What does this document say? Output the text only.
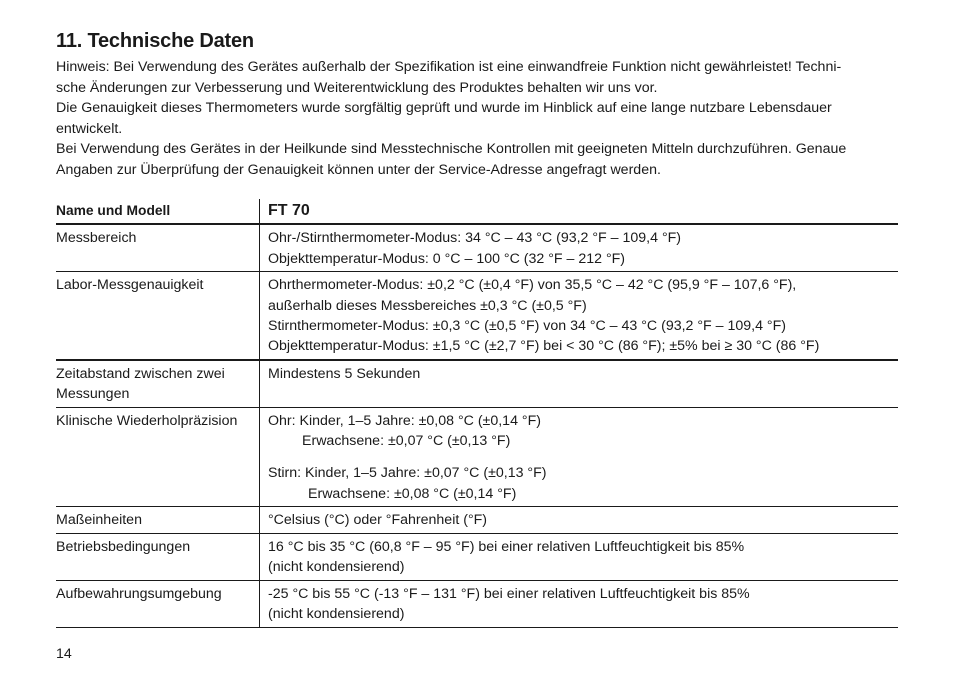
11. Technische Daten

Hinweis: Bei Verwendung des Gerätes außerhalb der Spezifikation ist eine einwandfreie Funktion nicht gewährleistet! Techni-

sche Änderungen zur Verbesserung und Weiterentwicklung des Produktes behalten wir uns vor.

Die Genauigkeit dieses Thermometers wurde sorgfältig geprüft und wurde im Hinblick auf eine lange nutzbare Lebensdauer

entwickelt.

Bei Verwendung des Gerätes in der Heilkunde sind Messtechnische Kontrollen mit geeigneten Mitteln durchzuführen. Genaue

Angaben zur Überprüfung der Genauigkeit können unter der Service-Adresse angefragt werden.

Name und Modell	FT 70

Messbereich	Ohr-/Stirnthermometer-Modus: 34 °C – 43 °C (93,2 °F – 109,4 °F)
Objekttemperatur-Modus: 0 °C – 100 °C (32 °F – 212 °F)

Labor-Messgenauigkeit	Ohrthermometer-Modus: ±0,2 °C (±0,4 °F) von 35,5 °C – 42 °C (95,9 °F – 107,6 °F),
außerhalb dieses Messbereiches ±0,3 °C (±0,5 °F)
Stirnthermometer-Modus: ±0,3 °C (±0,5 °F) von 34 °C – 43 °C (93,2 °F – 109,4 °F)
Objekttemperatur-Modus: ±1,5 °C (±2,7 °F) bei < 30 °C (86 °F); ±5% bei ≥ 30 °C (86 °F)

Zeitabstand zwischen zwei
Messungen	Mindestens 5 Sekunden

Klinische Wiederholpräzision	Ohr: Kinder, 1–5 Jahre: ±0,08 °C (±0,14 °F)
Erwachsene: ±0,07 °C (±0,13 °F)
Stirn: Kinder, 1–5 Jahre: ±0,07 °C (±0,13 °F)
Erwachsene: ±0,08 °C (±0,14 °F)

Maßeinheiten	°Celsius (°C) oder °Fahrenheit (°F)

Betriebsbedingungen	16 °C bis 35 °C (60,8 °F – 95 °F) bei einer relativen Luftfeuchtigkeit bis 85%
(nicht kondensierend)

Aufbewahrungsumgebung	-25 °C bis 55 °C (-13 °F – 131 °F) bei einer relativen Luftfeuchtigkeit bis 85%
(nicht kondensierend)
14
